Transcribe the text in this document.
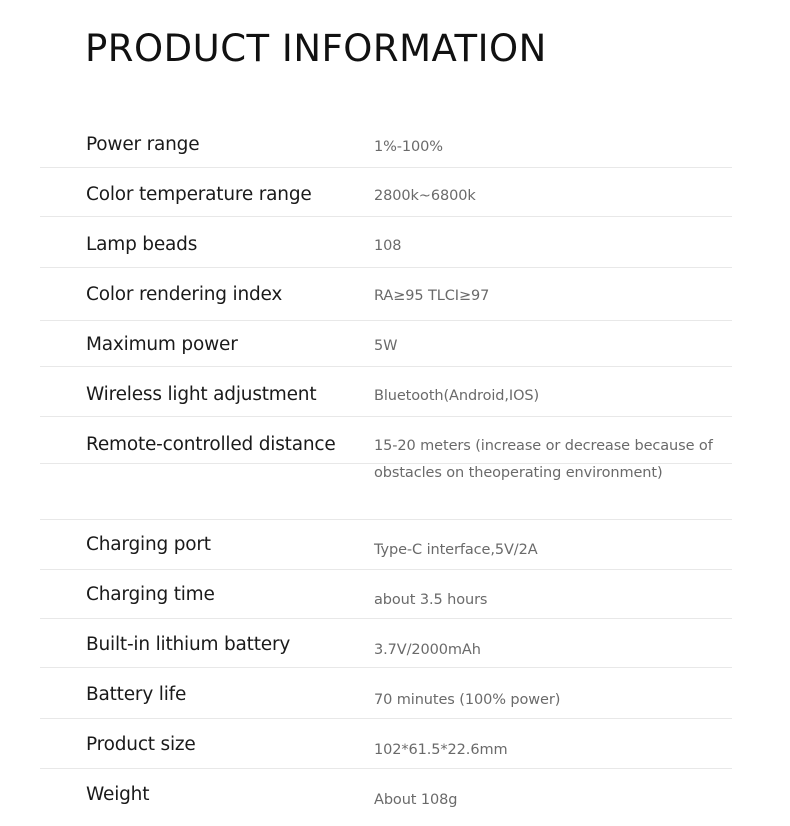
PRODUCT INFORMATION
Power range	1%-100%
Color temperature range	2800k~6800k
Lamp beads	108
Color rendering index	RA≥95 TLCI≥97
Maximum power	5W
Wireless light adjustment	Bluetooth(Android,IOS)
Remote-controlled distance	15-20 meters (increase or decrease because of
obstacles on theoperating environment)
Charging port	Type-C interface,5V/2A
Charging time	about 3.5 hours
Built-in lithium battery	3.7V/2000mAh
Battery life	70 minutes (100% power)
Product size	102*61.5*22.6mm
Weight	About 108g
